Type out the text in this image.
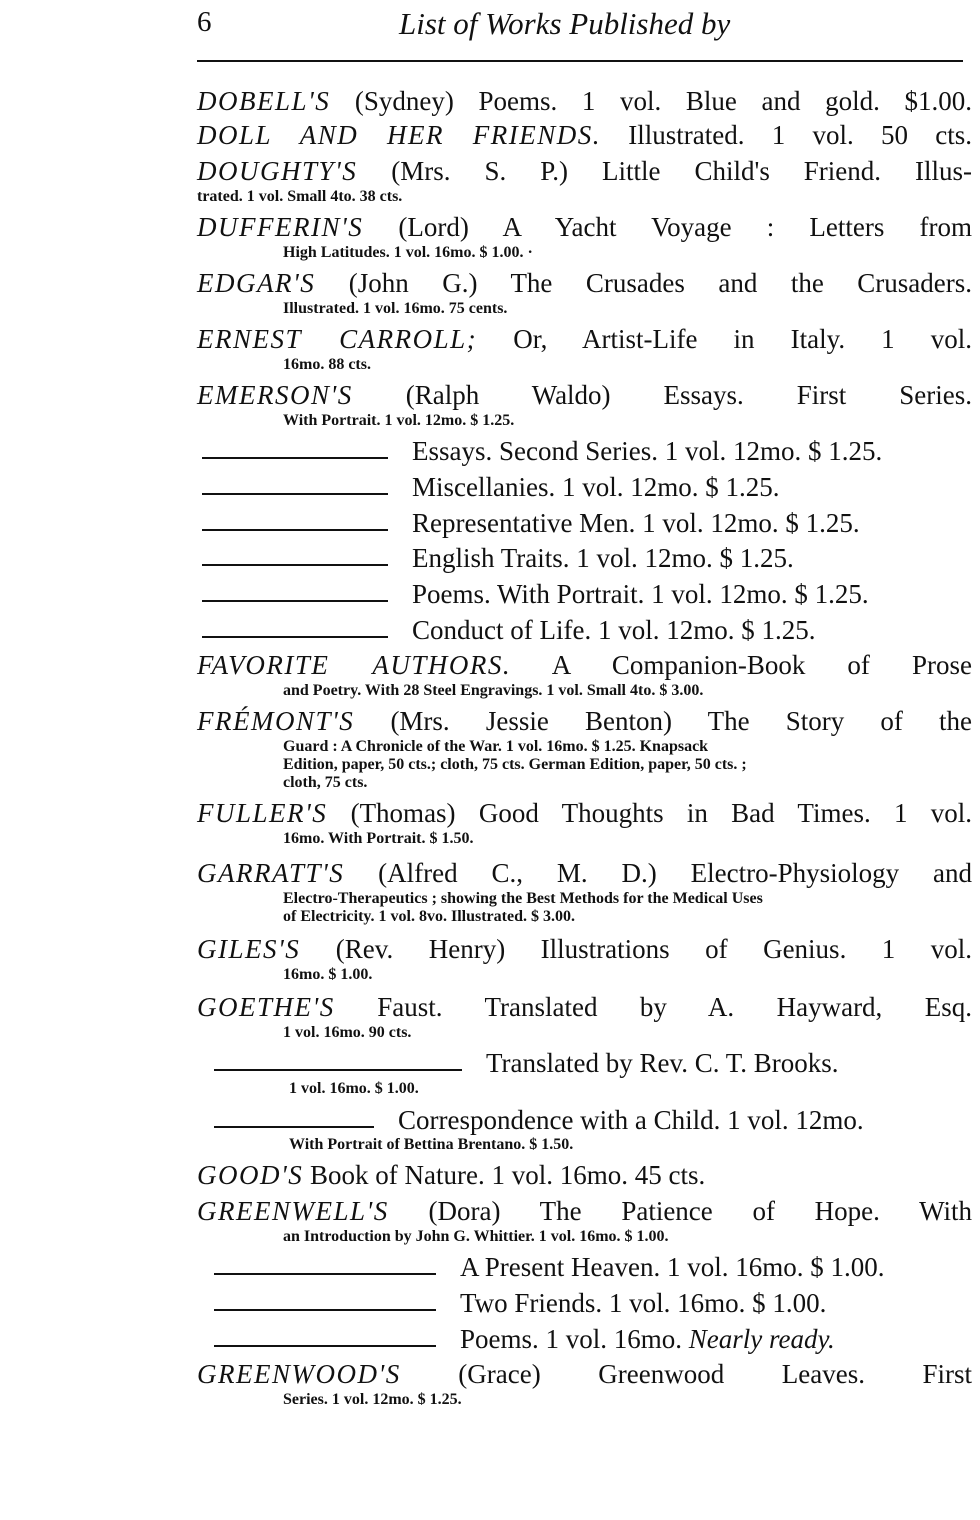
6	List of Works Published by
DOBELL'S (Sydney) Poems. 1 vol. Blue and gold. $1.00.
DOLL AND HER FRIENDS. Illustrated. 1 vol. 50 cts.
DOUGHTY'S (Mrs. S. P.) Little Child's Friend. Illus-
trated. 1 vol. Small 4to. 38 cts.
DUFFERIN'S (Lord) A Yacht Voyage : Letters from
High Latitudes. 1 vol. 16mo. $ 1.00. ·
EDGAR'S (John G.) The Crusades and the Crusaders.
Illustrated. 1 vol. 16mo. 75 cents.
ERNEST CARROLL; Or, Artist-Life in Italy. 1 vol.
16mo. 88 cts.
EMERSON'S (Ralph Waldo) Essays. First Series.
With Portrait. 1 vol. 12mo. $ 1.25.
Essays. Second Series. 1 vol. 12mo. $ 1.25.
Miscellanies. 1 vol. 12mo. $ 1.25.
Representative Men. 1 vol. 12mo. $ 1.25.
English Traits. 1 vol. 12mo. $ 1.25.
Poems. With Portrait. 1 vol. 12mo. $ 1.25.
Conduct of Life. 1 vol. 12mo. $ 1.25.
FAVORITE AUTHORS. A Companion-Book of Prose
and Poetry. With 28 Steel Engravings. 1 vol. Small 4to. $ 3.00.
FRÉMONT'S (Mrs. Jessie Benton) The Story of the
Guard : A Chronicle of the War. 1 vol. 16mo. $ 1.25. Knapsack
Edition, paper, 50 cts.; cloth, 75 cts. German Edition, paper, 50 cts. ;
cloth, 75 cts.
FULLER'S (Thomas) Good Thoughts in Bad Times. 1 vol.
16mo. With Portrait. $ 1.50.
GARRATT'S (Alfred C., M. D.) Electro-Physiology and
Electro-Therapeutics ; showing the Best Methods for the Medical Uses
of Electricity. 1 vol. 8vo. Illustrated. $ 3.00.
GILES'S (Rev. Henry) Illustrations of Genius. 1 vol.
16mo. $ 1.00.
GOETHE'S Faust. Translated by A. Hayward, Esq.
1 vol. 16mo. 90 cts.
Translated by Rev. C. T. Brooks.
1 vol. 16mo. $ 1.00.
Correspondence with a Child. 1 vol. 12mo.
With Portrait of Bettina Brentano. $ 1.50.
GOOD'S Book of Nature. 1 vol. 16mo. 45 cts.
GREENWELL'S (Dora) The Patience of Hope. With
an Introduction by John G. Whittier. 1 vol. 16mo. $ 1.00.
A Present Heaven. 1 vol. 16mo. $ 1.00.
Two Friends. 1 vol. 16mo. $ 1.00.
Poems. 1 vol. 16mo. Nearly ready.
GREENWOOD'S (Grace) Greenwood Leaves. First
Series. 1 vol. 12mo. $ 1.25.
